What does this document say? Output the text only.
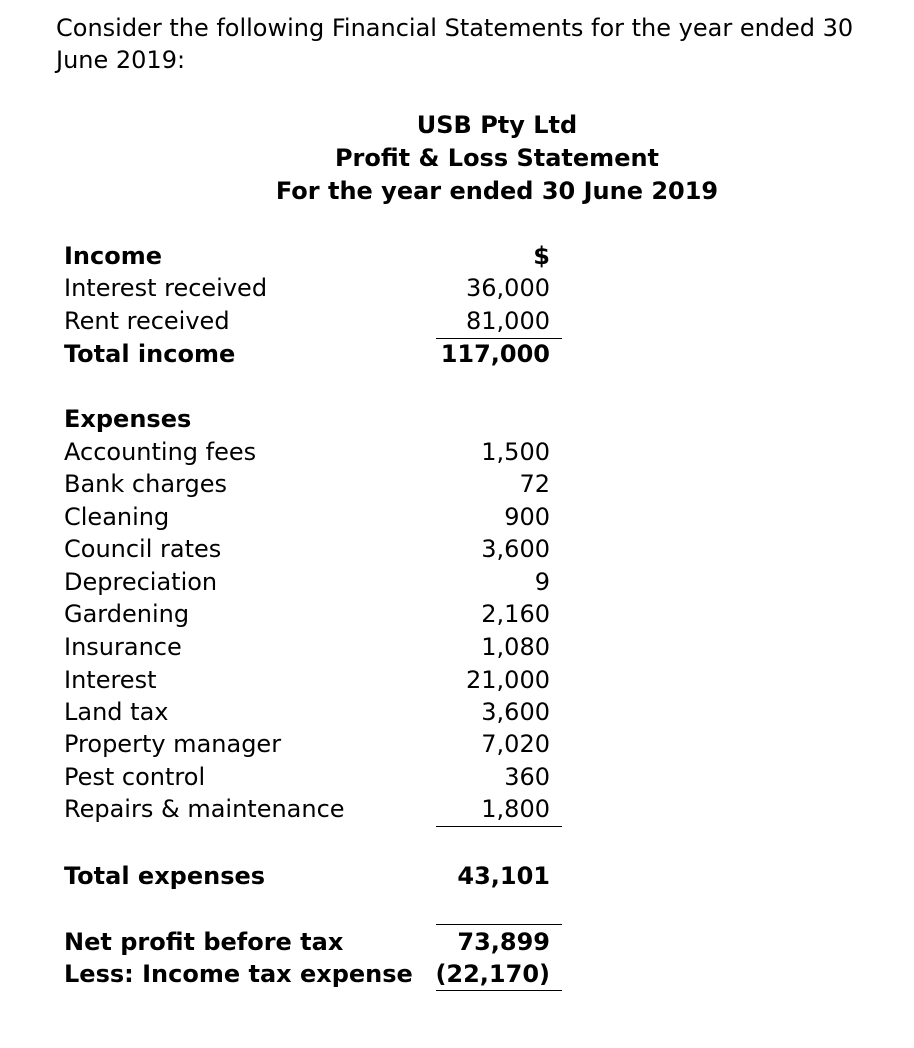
Consider the following Financial Statements for the year ended 30 June 2019:

USB Pty Ltd

Profit & Loss Statement

For the year ended 30 June 2019

Income	$
Interest received	36,000
Rent received	81,000
Total income	117,000
Expenses
Accounting fees	1,500
Bank charges	72
Cleaning	900
Council rates	3,600
Depreciation	9
Gardening	2,160
Insurance	1,080
Interest	21,000
Land tax	3,600
Property manager	7,020
Pest control	360
Repairs & maintenance	1,800
Total expenses	43,101
Net profit before tax	73,899
Less: Income tax expense (22,170)
